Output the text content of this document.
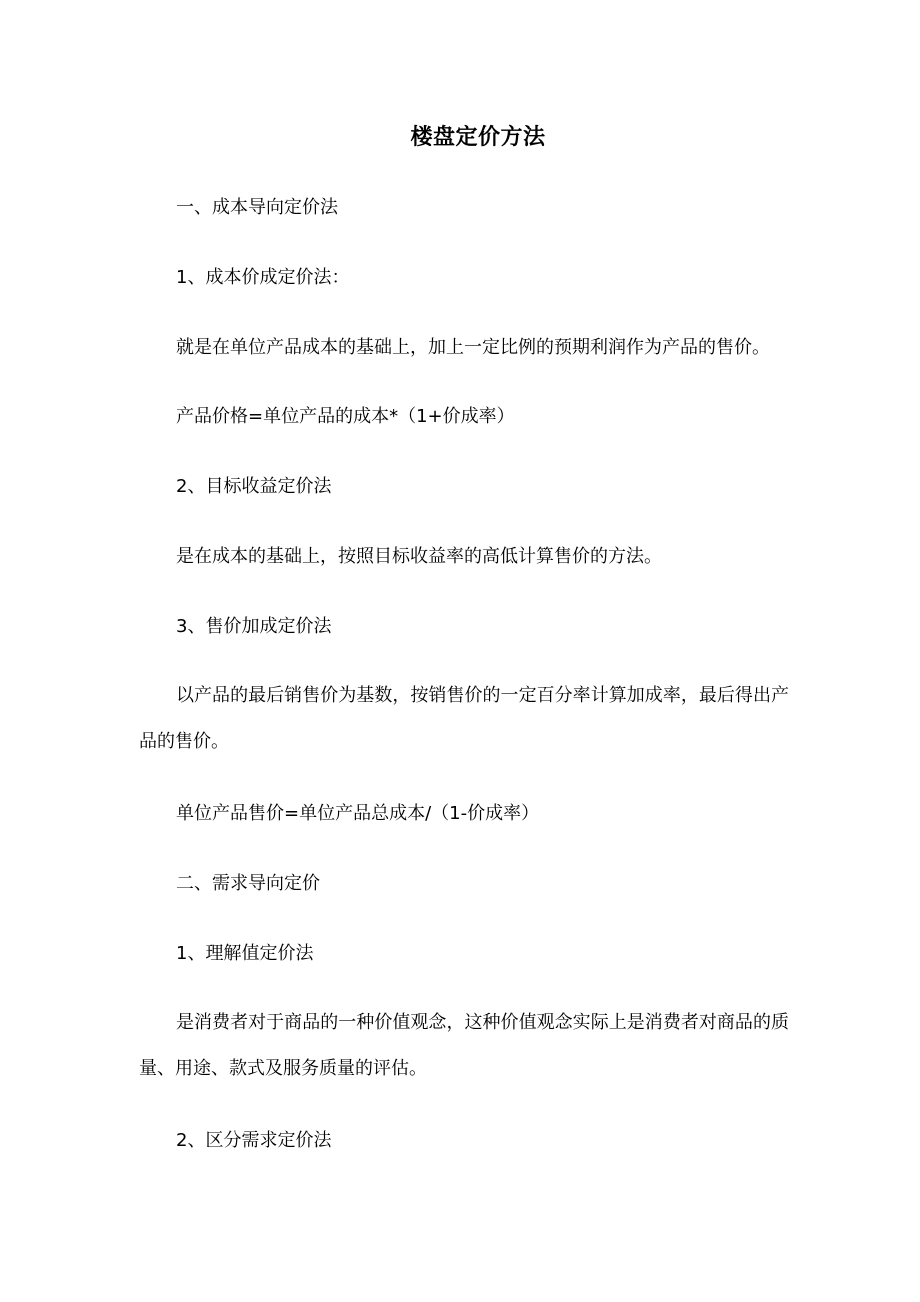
楼盘定价方法
一、成本导向定价法
1、成本价成定价法：
就是在单位产品成本的基础上，加上一定比例的预期利润作为产品的售价。
产品价格=单位产品的成本*（1+价成率）
2、目标收益定价法
是在成本的基础上，按照目标收益率的高低计算售价的方法。
3、售价加成定价法
以产品的最后销售价为基数，按销售价的一定百分率计算加成率，最后得出产品的售价。
单位产品售价=单位产品总成本/（1-价成率）
二、需求导向定价
1、理解值定价法
是消费者对于商品的一种价值观念，这种价值观念实际上是消费者对商品的质量、用途、款式及服务质量的评估。
2、区分需求定价法
